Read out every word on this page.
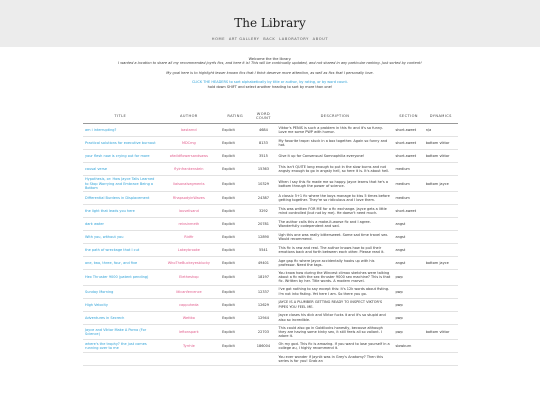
The Library
HOME ART GALLERY BACK LABORATORY ABOUT

Welcome the the library.

I wanted a location to share all my recommended joyrfs fics, and here it is! This will be continually updated, and not shared in any particular ranking. Just sorted by content!

My goal here is to highlight lesser known fics that I think deserve more attention, as well as fics that I personally love.

CLICK THE HEADERS to sort alphabetically by title or author, by rating, or by word count.

hold down SHIFT and select another heading to sort by more than one!

TITLE	AUTHOR	RATING	WORD COUNT	DESCRIPTION	SECTION	DYNAMICS
am i interrupting?	bastarnd	Explicit	4684	Viktor's PENIS is such a problem in this fic and it's so funny. Love me some PWP with humor.	short-sweet	n/a
Practical solutions for executive burnout	MDCmg	Explicit	8133	My favorite trope: stuck in a box together. Again so funny and hot.	short-sweet	bottom viktor
your flesh now is crying out for more	ofwildflowersandsaws	Explicit	3515	Give it up for Consensual Somnophilia everyone!	short-sweet	bottom viktor
causal verse	flyinfrankenstein	Explicit	15363	This isn't QUITE long enough to put in the slow burns and not angsty enough to go in angsty hell, so here it is. It's about hell.	medium	
Hypothesis, or: How Jayce Talis Learned to Stop Worrying and Embrace Being a Bottom	liaisonalsegments	Explicit	10329	When I say this fic made me so happy. Jayce learns that he's a bottom through the power of science.	medium	bottom jayce
Differential Burdens in Displacement	RhapsodyinWaves	Explicit	24387	A classic 5+1 fic where the boys manage to kiss 5 times before getting together. They're so ridiculous and I love them.	medium	
the light that leads you here	lauvelisand	Explicit	3292	This was written FOR ME for a fic exchange. Jayce gets a little mind controlled (but not by me). He doesn't need much.	short-sweet	
dark water	reivsinmeth	Explicit	20781	The author calls this a make-it-worse fic and I agree. Wonderfully codependent and sad.	angst	
With you, without you	Ridfir	Explicit	12890	Ugh this one was really bittersweet. Some sad time travel sex. Would recommend.	angst	
the path of wreckage that I cut	Lakeybrooke	Explicit	5541	This fic is raw and real. The author knows how to pull their emotions back and forth between each other. Please read it.	angst	
one, two, three, four, and five	WhoTheBuckeyesblucky	Explicit	49401	Age gap fic where Jayce accidentally hooks up with his professor. Need the tags.	angst	bottom jayce
Hex Thruster 9000 (patent pending)	Eletheshop	Explicit	18197	You know how during the Wincest climax sketches were talking about a fic with the sex thruster 9000 sex machine? This is that fic. Written by her. Title words. A modern marvel.	pwp	
Sunday Morning	litlcanfercence	Explicit	12337	I've got nothing to say except this: it's 12k words about fisting. I'm not into fisting. Yet here I am. So there you go.	pwp	
High Velocity	cappuheda	Explicit	12629	JAYCE IS A PLUMBER GETTING READY TO INSPECT VIKTOR'S PIPES YOU FEEL ME.	pwp	
Adventures in Secrech	Wettko	Explicit	12944	Jayce closes his dick and Viktor fucks it and it's so stupid and also so incredible.	pwp	
Jayce and Viktor Make A Porno (For Science)	leftonspark	Explicit	22703	This could also go in Goldilocks honestly, because although they are having some kinky sex, it still feels all so valiant. I adore it.	pwp	bottom viktor
where's the trophy? the just comes running over to me	Tyrrhle	Explicit	186004	Oh my god. This fic is amazing. If you want to lose yourself in a college au, I highly recommend it.	slowburn	
				You ever wonder if Jaynik was in Grey's Anatomy? Then this series is for you! Grab an		
